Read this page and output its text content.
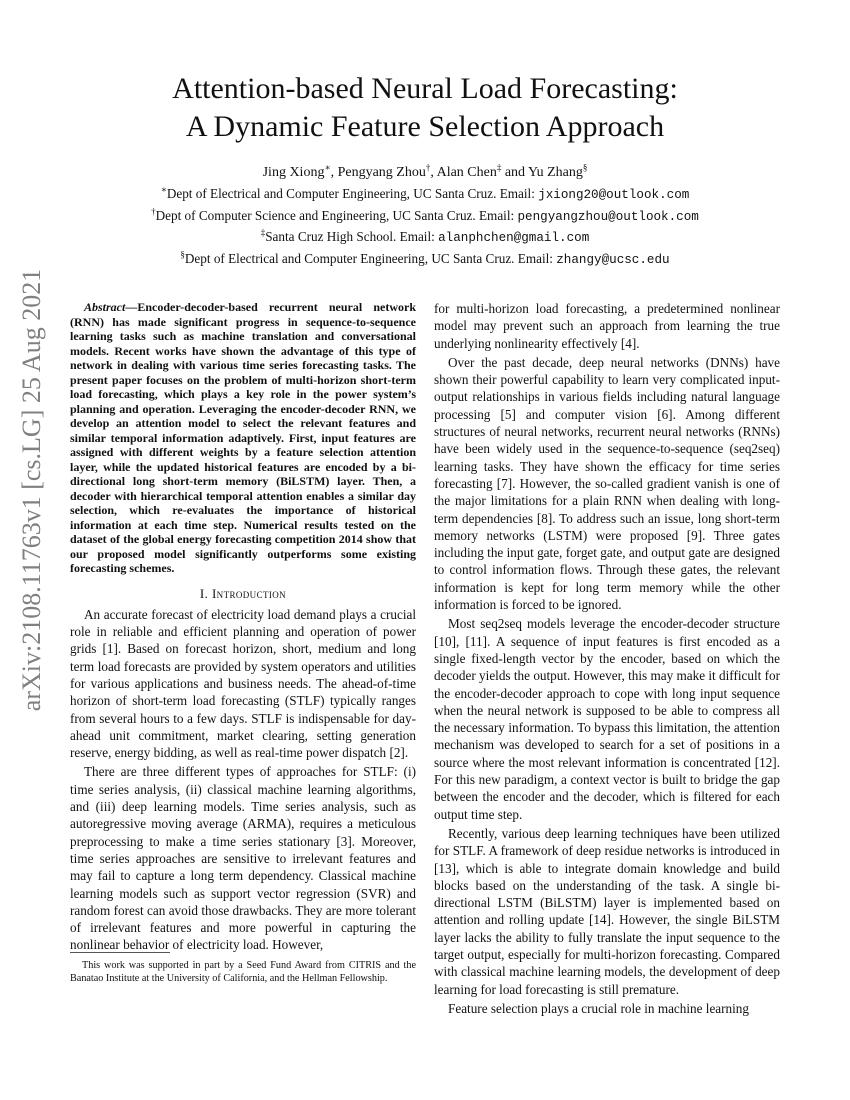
Attention-based Neural Load Forecasting:
A Dynamic Feature Selection Approach
Jing Xiong∗, Pengyang Zhou†, Alan Chen‡ and Yu Zhang§
∗Dept of Electrical and Computer Engineering, UC Santa Cruz. Email: jxiong20@outlook.com
†Dept of Computer Science and Engineering, UC Santa Cruz. Email: pengyangzhou@outlook.com
‡Santa Cruz High School. Email: alanphchen@gmail.com
§Dept of Electrical and Computer Engineering, UC Santa Cruz. Email: zhangy@ucsc.edu
arXiv:2108.11763v1 [cs.LG] 25 Aug 2021	Abstract—Encoder-decoder-based recurrent neural network (RNN) has made significant progress in sequence-to-sequence learning tasks such as machine translation and conversational models. Recent works have shown the advantage of this type of network in dealing with various time series forecasting tasks. The present paper focuses on the problem of multi-horizon short-term load forecasting, which plays a key role in the power system’s planning and operation. Leveraging the encoder-decoder RNN, we develop an attention model to select the relevant features and similar temporal information adaptively. First, input features are assigned with different weights by a feature selection attention layer, while the updated historical features are encoded by a bi-directional long short-term memory (BiLSTM) layer. Then, a decoder with hierarchical temporal attention enables a similar day selection, which re-evaluates the importance of historical information at each time step. Numerical results tested on the dataset of the global energy forecasting competition 2014 show that our proposed model significantly outperforms some existing forecasting schemes.

I. Introduction

An accurate forecast of electricity load demand plays a crucial role in reliable and efficient planning and operation of power grids [1]. Based on forecast horizon, short, medium and long term load forecasts are provided by system operators and utilities for various applications and business needs. The ahead-of-time horizon of short-term load forecasting (STLF) typically ranges from several hours to a few days. STLF is indispensable for day-ahead unit commitment, market clearing, setting generation reserve, energy bidding, as well as real-time power dispatch [2].

There are three different types of approaches for STLF: (i) time series analysis, (ii) classical machine learning algorithms, and (iii) deep learning models. Time series analysis, such as autoregressive moving average (ARMA), requires a meticulous preprocessing to make a time series stationary [3]. Moreover, time series approaches are sensitive to irrelevant features and may fail to capture a long term dependency. Classical machine learning models such as support vector regression (SVR) and random forest can avoid those drawbacks. They are more tolerant of irrelevant features and more powerful in capturing the nonlinear behavior of electricity load. However,

This work was supported in part by a Seed Fund Award from CITRIS and the Banatao Institute at the University of California, and the Hellman Fellowship.

for multi-horizon load forecasting, a predetermined nonlinear model may prevent such an approach from learning the true underlying nonlinearity effectively [4].

Over the past decade, deep neural networks (DNNs) have shown their powerful capability to learn very complicated input-output relationships in various fields including natural language processing [5] and computer vision [6]. Among different structures of neural networks, recurrent neural networks (RNNs) have been widely used in the sequence-to-sequence (seq2seq) learning tasks. They have shown the efficacy for time series forecasting [7]. However, the so-called gradient vanish is one of the major limitations for a plain RNN when dealing with long-term dependencies [8]. To address such an issue, long short-term memory networks (LSTM) were proposed [9]. Three gates including the input gate, forget gate, and output gate are designed to control information flows. Through these gates, the relevant information is kept for long term memory while the other information is forced to be ignored.

Most seq2seq models leverage the encoder-decoder structure [10], [11]. A sequence of input features is first encoded as a single fixed-length vector by the encoder, based on which the decoder yields the output. However, this may make it difficult for the encoder-decoder approach to cope with long input sequence when the neural network is supposed to be able to compress all the necessary information. To bypass this limitation, the attention mechanism was developed to search for a set of positions in a source where the most relevant information is concentrated [12]. For this new paradigm, a context vector is built to bridge the gap between the encoder and the decoder, which is filtered for each output time step.

Recently, various deep learning techniques have been utilized for STLF. A framework of deep residue networks is introduced in [13], which is able to integrate domain knowledge and build blocks based on the understanding of the task. A single bi-directional LSTM (BiLSTM) layer is implemented based on attention and rolling update [14]. However, the single BiLSTM layer lacks the ability to fully translate the input sequence to the target output, especially for multi-horizon forecasting. Compared with classical machine learning models, the development of deep learning for load forecasting is still premature.

Feature selection plays a crucial role in machine learning
